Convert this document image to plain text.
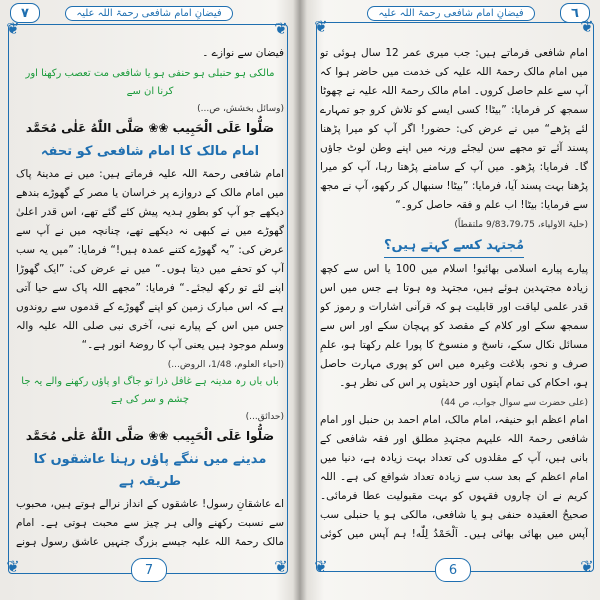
۷	فیضانِ امام شافعی رحمۃ اللہ علیہ
❦	❦
❦	❦

فیضان سے نوازے ۔

مالکی ہو حنبلی ہو حنفی ہو یا شافعی مت تعصب رکھنا اور کرنا ان سے
(وسائل بخشش، ص...)
صَلُّوا عَلَى الْحَبِيب ❀❀ صَلَّى اللّٰهُ عَلٰى مُحَمَّد
امام مالک کا امام شافعی کو تحفہ

امام شافعی رحمۃ اللہ علیہ فرماتے ہیں: میں نے مدینۂ پاک میں امام مالک کے دروازے پر خراسان یا مصر کے گھوڑے بندھے دیکھے جو آپ کو بطورِ ہدیہ پیش کئے گئے تھے، اس قدر اعلیٰ گھوڑے میں نے کبھی نہ دیکھے تھے، چنانچہ میں نے آپ سے عرض کی: ”یہ گھوڑے کتنے عمدہ ہیں!“ فرمایا: ”میں یہ سب آپ کو تحفے میں دیتا ہوں۔“ میں نے عرض کی: ”ایک گھوڑا اپنے لئے تو رکھ لیجئے۔“ فرمایا: ”مجھے اللہ پاک سے حیا آتی ہے کہ اس مبارک زمین کو اپنے گھوڑے کے قدموں سے روندوں جس میں اس کے پیارے نبی، آخری نبی صلی اللہ علیہ والہ وسلم موجود ہیں یعنی آپ کا روضۂ انور ہے۔“

(احیاء العلوم، 1/48، الروض...)
باں باں رہ مدینہ ہے غافل ذرا تو جاگ او پاؤں رکھنے والے یہ جا چشم و سر کی ہے
(حدائق...)
صَلُّوا عَلَى الْحَبِيب ❀❀ صَلَّى اللّٰهُ عَلٰى مُحَمَّد
مدینے میں ننگے پاؤں رہنا عاشقوں کا طریقہ ہے

اے عاشقانِ رسول! عاشقوں کے انداز نرالے ہوتے ہیں، محبوب سے نسبت رکھنے والی ہر چیز سے محبت ہوتی ہے۔ امام مالک رحمۃ اللہ علیہ جیسے بزرگ جنہیں عاشقِ رسول ہونے

7
فیضانِ امام شافعی رحمۃ اللہ علیہ	٦
❦	❦
❦	❦

امام شافعی فرماتے ہیں: جب میری عمر 12 سال ہوئی تو میں امام مالک رحمۃ اللہ علیہ کی خدمت میں حاضر ہوا کہ آپ سے علم حاصل کروں۔ امام مالک رحمۃ اللہ علیہ نے چھوٹا سمجھ کر فرمایا: ”بیٹا! کسی ایسے کو تلاش کرو جو تمہارے لئے پڑھے“ میں نے عرض کی: حضور! اگر آپ کو میرا پڑھنا پسند آئے تو مجھے سن لیجئے ورنہ میں اپنے وطن لوٹ جاؤں گا۔ فرمایا: پڑھو۔ میں آپ کے سامنے پڑھتا رہا، آپ کو میرا پڑھنا بہت پسند آیا، فرمایا: ”بیٹا! سنبھال کر رکھو، آپ نے مجھ سے فرمایا: بیٹا! اب علم و فقہ حاصل کرو۔“

(حلیۃ الاولیاء، 9/83،79،75 ملتقطاً)
مُجتہد کسے کہتے ہیں؟

پیارے پیارے اسلامی بھائیو! اسلام میں 100 یا اس سے کچھ زیادہ مجتہدین ہوئے ہیں، مجتہد وہ ہوتا ہے جس میں اس قدر علمی لیاقت اور قابلیت ہو کہ قرآنی اشارات و رموز کو سمجھ سکے اور کلام کے مقصد کو پہچان سکے اور اس سے مسائل نکال سکے، ناسخ و منسوخ کا پورا علم رکھتا ہو، علمِ صرف و نحو، بلاغت وغیرہ میں اس کو پوری مہارت حاصل ہو، احکام کی تمام آیتوں اور حدیثوں پر اس کی نظر ہو۔

(علی حضرت سے سوال جواب، ص 44)

امام اعظم ابو حنیفہ، امام مالک، امام احمد بن حنبل اور امام شافعی رحمۃ اللہ علیہم مجتہدِ مطلق اور فقہ شافعی کے بانی ہیں، آپ کے مقلدوں کی تعداد بہت زیادہ ہے، دنیا میں امام اعظم کے بعد سب سے زیادہ تعداد شوافع کی ہے۔ اللہ کریم نے ان چاروں فقہوں کو بہت مقبولیت عطا فرمائی۔ صحیحُ العقیدہ حنفی ہو یا شافعی، مالکی ہو یا حنبلی سب آپس میں بھائی بھائی ہیں۔ اَلْحَمْدُ لِلّٰه! ہم آپس میں کوئی

6
